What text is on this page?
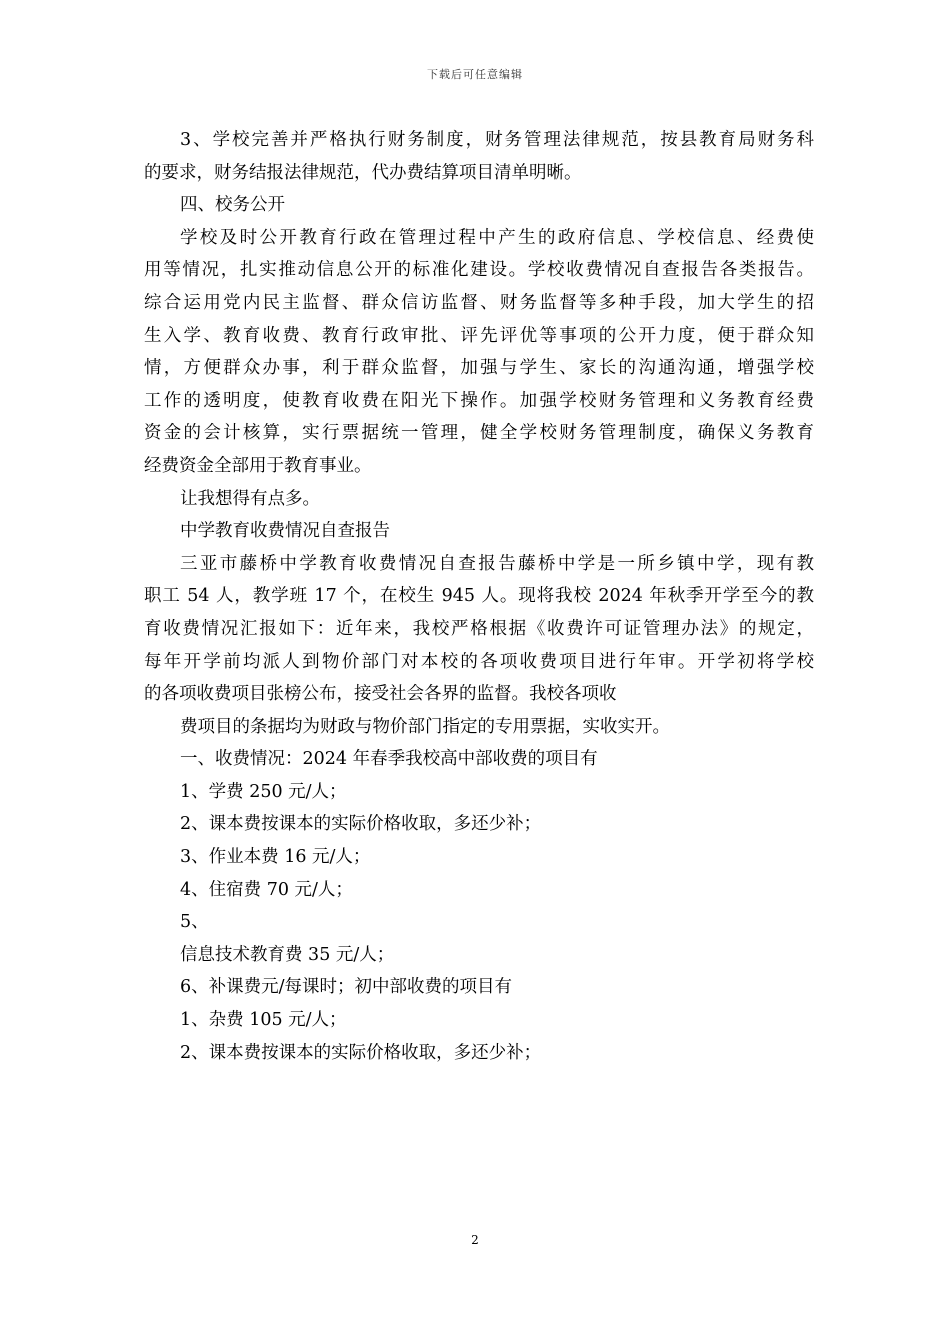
下载后可任意编辑
3、学校完善并严格执行财务制度，财务管理法律规范，按县教育局财务科
的要求，财务结报法律规范，代办费结算项目清单明晰。
四、校务公开
学校及时公开教育行政在管理过程中产生的政府信息、学校信息、经费使
用等情况，扎实推动信息公开的标准化建设。学校收费情况自查报告各类报告。
综合运用党内民主监督、群众信访监督、财务监督等多种手段，加大学生的招
生入学、教育收费、教育行政审批、评先评优等事项的公开力度，便于群众知
情，方便群众办事，利于群众监督，加强与学生、家长的沟通沟通，增强学校
工作的透明度，使教育收费在阳光下操作。加强学校财务管理和义务教育经费
资金的会计核算，实行票据统一管理，健全学校财务管理制度，确保义务教育
经费资金全部用于教育事业。
让我想得有点多。
中学教育收费情况自查报告
三亚市藤桥中学教育收费情况自查报告藤桥中学是一所乡镇中学，现有教
职工 54 人，教学班 17 个，在校生 945 人。现将我校 2024 年秋季开学至今的教
育收费情况汇报如下：近年来，我校严格根据《收费许可证管理办法》的规定，
每年开学前均派人到物价部门对本校的各项收费项目进行年审。开学初将学校
的各项收费项目张榜公布，接受社会各界的监督。我校各项收
费项目的条据均为财政与物价部门指定的专用票据，实收实开。
一、收费情况：2024 年春季我校高中部收费的项目有
1、学费 250 元/人；
2、课本费按课本的实际价格收取，多还少补；
3、作业本费 16 元/人；
4、住宿费 70 元/人；
5、
信息技术教育费 35 元/人；
6、补课费元/每课时；初中部收费的项目有
1、杂费 105 元/人；
2、课本费按课本的实际价格收取，多还少补；
2
